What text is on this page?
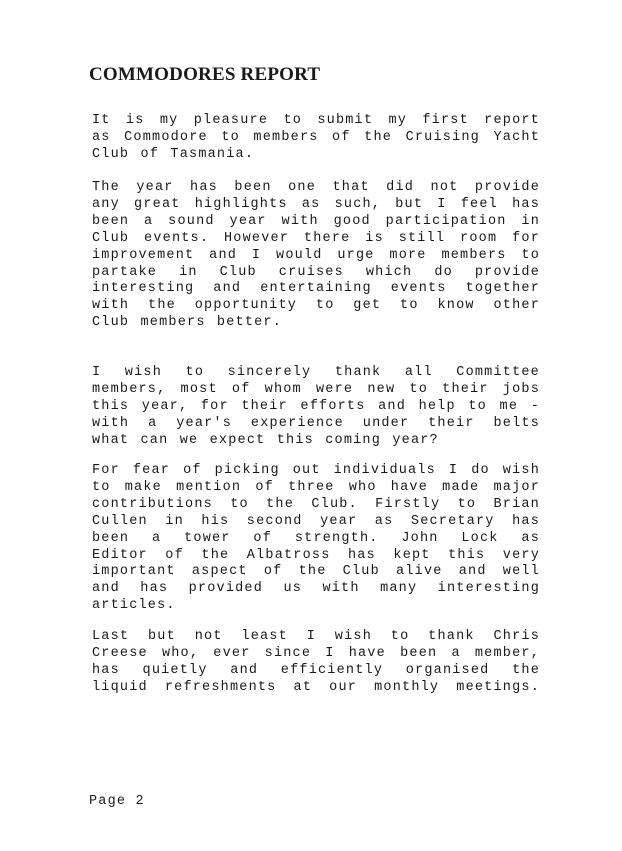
COMMODORES REPORT
It is my pleasure to submit my first report
as Commodore to members of the Cruising Yacht
Club of Tasmania.
The year has been one that did not provide
any great highlights as such, but I feel has
been a sound year with good participation in
Club events. However there is still room for
improvement and I would urge more members to
partake in Club cruises which do provide
interesting and entertaining events together
with the opportunity to get to know other
Club members better.
I wish to sincerely thank all Committee
members, most of whom were new to their jobs
this year, for their efforts and help to me -
with a year's experience under their belts
what can we expect this coming year?
For fear of picking out individuals I do wish
to make mention of three who have made major
contributions to the Club. Firstly to Brian
Cullen in his second year as Secretary has
been a tower of strength. John Lock as
Editor of the Albatross has kept this very
important aspect of the Club alive and well
and has provided us with many interesting
articles.
Last but not least I wish to thank Chris
Creese who, ever since I have been a member,
has quietly and efficiently organised the
liquid refreshments at our monthly meetings.

Page 2
